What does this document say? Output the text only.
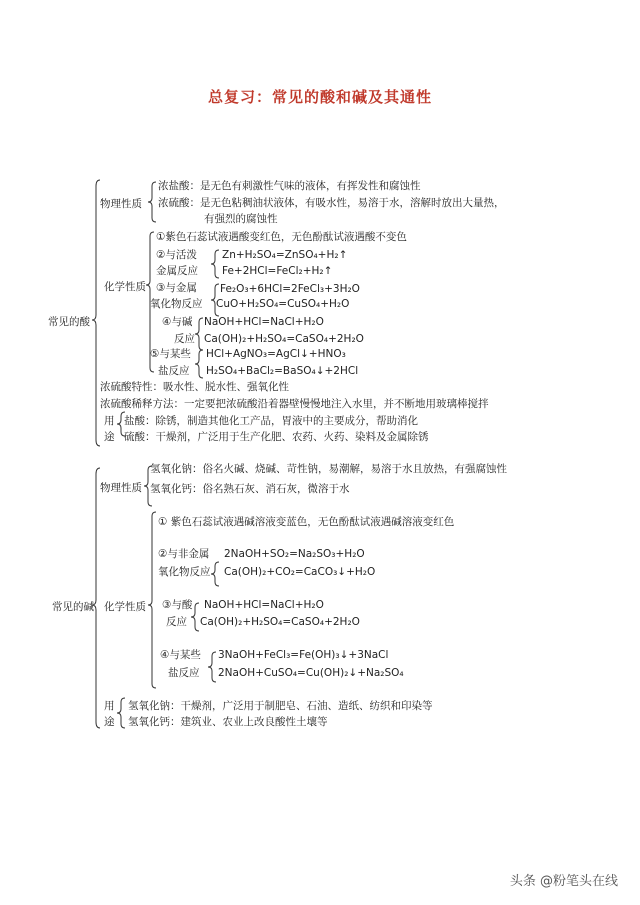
总复习：常见的酸和碱及其通性
常见的酸
物理性质
浓盐酸：是无色有刺激性气味的液体，有挥发性和腐蚀性
浓硫酸：是无色粘稠油状液体，有吸水性，易溶于水，溶解时放出大量热，
有强烈的腐蚀性
化学性质
①紫色石蕊试液遇酸变红色，无色酚酞试液遇酸不变色
②与活泼
金属反应
Zn+H₂SO₄=ZnSO₄+H₂↑
Fe+2HCl=FeCl₂+H₂↑
③与金属
氧化物反应
Fe₂O₃+6HCl=2FeCl₃+3H₂O
CuO+H₂SO₄=CuSO₄+H₂O
④与碱
反应
NaOH+HCl=NaCl+H₂O
Ca(OH)₂+H₂SO₄=CaSO₄+2H₂O
⑤与某些
盐反应
HCl+AgNO₃=AgCl↓+HNO₃
H₂SO₄+BaCl₂=BaSO₄↓+2HCl
浓硫酸特性：吸水性、脱水性、强氧化性
浓硫酸稀释方法：一定要把浓硫酸沿着器壁慢慢地注入水里，并不断地用玻璃棒搅拌
用
途
盐酸：除锈，制造其他化工产品，胃液中的主要成分，帮助消化
硫酸：干燥剂，广泛用于生产化肥、农药、火药、染料及金属除锈
常见的碱
物理性质
氢氧化钠：俗名火碱、烧碱、苛性钠，易潮解，易溶于水且放热，有强腐蚀性
氢氧化钙：俗名熟石灰、消石灰，微溶于水
化学性质
① 紫色石蕊试液遇碱溶液变蓝色，无色酚酞试液遇碱溶液变红色
②与非金属
氧化物反应
2NaOH+SO₂=Na₂SO₃+H₂O
Ca(OH)₂+CO₂=CaCO₃↓+H₂O
③与酸
反应
NaOH+HCl=NaCl+H₂O
Ca(OH)₂+H₂SO₄=CaSO₄+2H₂O
④与某些
盐反应
3NaOH+FeCl₃=Fe(OH)₃↓+3NaCl
2NaOH+CuSO₄=Cu(OH)₂↓+Na₂SO₄
用
途
氢氧化钠：干燥剂，广泛用于制肥皂、石油、造纸、纺织和印染等
氢氧化钙：建筑业、农业上改良酸性土壤等
头条 @粉笔头在线
